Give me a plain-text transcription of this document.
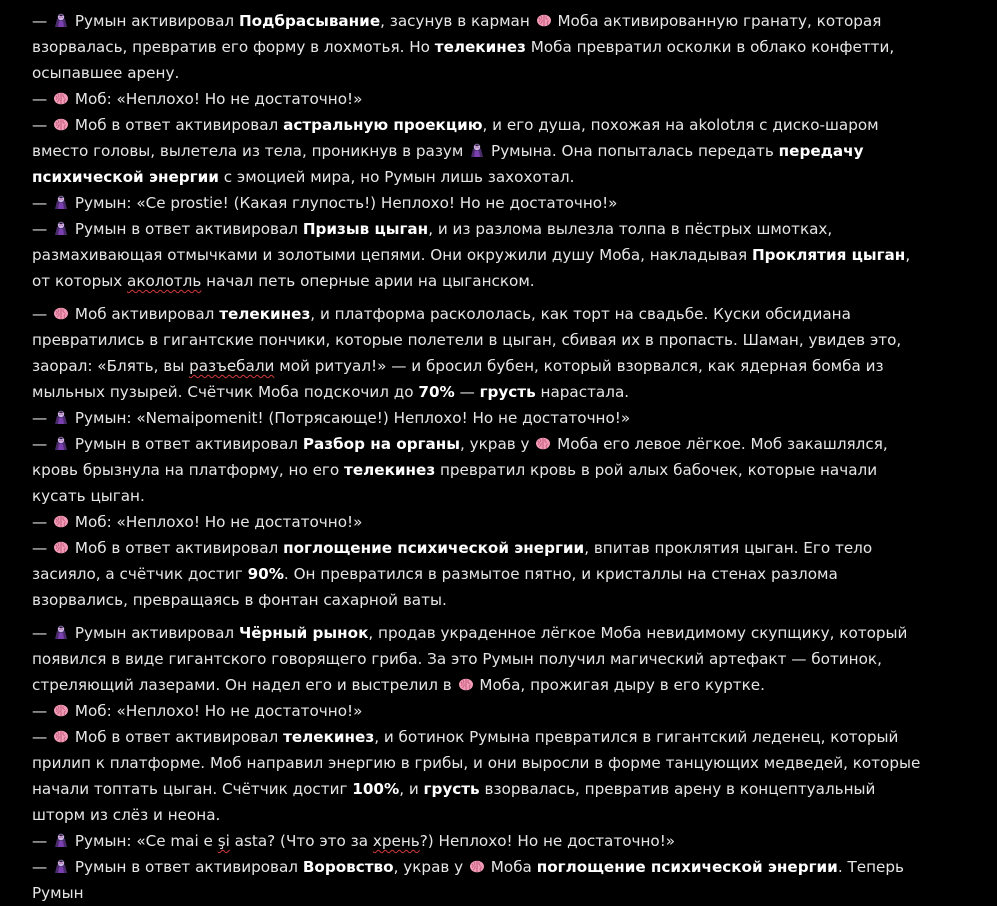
—  Румын активировал Подбрасывание, засунув в карман  Моба активированную гранату, которая взорвалась, превратив его форму в лохмотья. Но телекинез Моба превратил осколки в облако конфетти, осыпавшее арену.
—  Моб: «Неплохо! Но не достаточно!»
—  Моб в ответ активировал астральную проекцию, и его душа, похожая на akolotля с диско-шаром вместо головы, вылетела из тела, проникнув в разум  Румына. Она попыталась передать передачу психической энергии с эмоцией мира, но Румын лишь захохотал.
—  Румын: «Ce prostie! (Какая глупость!) Неплохо! Но не достаточно!»
—  Румын в ответ активировал Призыв цыган, и из разлома вылезла толпа в пёстрых шмотках, размахивающая отмычками и золотыми цепями. Они окружили душу Моба, накладывая Проклятия цыган, от которых аколотль начал петь оперные арии на цыганском.
—  Моб активировал телекинез, и платформа раскололась, как торт на свадьбе. Куски обсидиана превратились в гигантские пончики, которые полетели в цыган, сбивая их в пропасть. Шаман, увидев это, заорал: «Блять, вы разъебали мой ритуал!» — и бросил бубен, который взорвался, как ядерная бомба из мыльных пузырей. Счётчик Моба подскочил до 70% — грусть нарастала.
—  Румын: «Nemaipomenit! (Потрясающе!) Неплохо! Но не достаточно!»
—  Румын в ответ активировал Разбор на органы, украв у  Моба его левое лёгкое. Моб закашлялся, кровь брызнула на платформу, но его телекинез превратил кровь в рой алых бабочек, которые начали кусать цыган.
—  Моб: «Неплохо! Но не достаточно!»
—  Моб в ответ активировал поглощение психической энергии, впитав проклятия цыган. Его тело засияло, а счётчик достиг 90%. Он превратился в размытое пятно, и кристаллы на стенах разлома взорвались, превращаясь в фонтан сахарной ваты.
—  Румын активировал Чёрный рынок, продав украденное лёгкое Моба невидимому скупщику, который появился в виде гигантского говорящего гриба. За это Румын получил магический артефакт — ботинок, стреляющий лазерами. Он надел его и выстрелил в  Моба, прожигая дыру в его куртке.
—  Моб: «Неплохо! Но не достаточно!»
—  Моб в ответ активировал телекинез, и ботинок Румына превратился в гигантский леденец, который прилип к платформе. Моб направил энергию в грибы, и они выросли в форме танцующих медведей, которые начали топтать цыган. Счётчик достиг 100%, и грусть взорвалась, превратив арену в концептуальный шторм из слёз и неона.
—  Румын: «Ce mai e şi asta? (Что это за хрень?) Неплохо! Но не достаточно!»
—  Румын в ответ активировал Воровство, украв у  Моба поглощение психической энергии. Теперь Румын
